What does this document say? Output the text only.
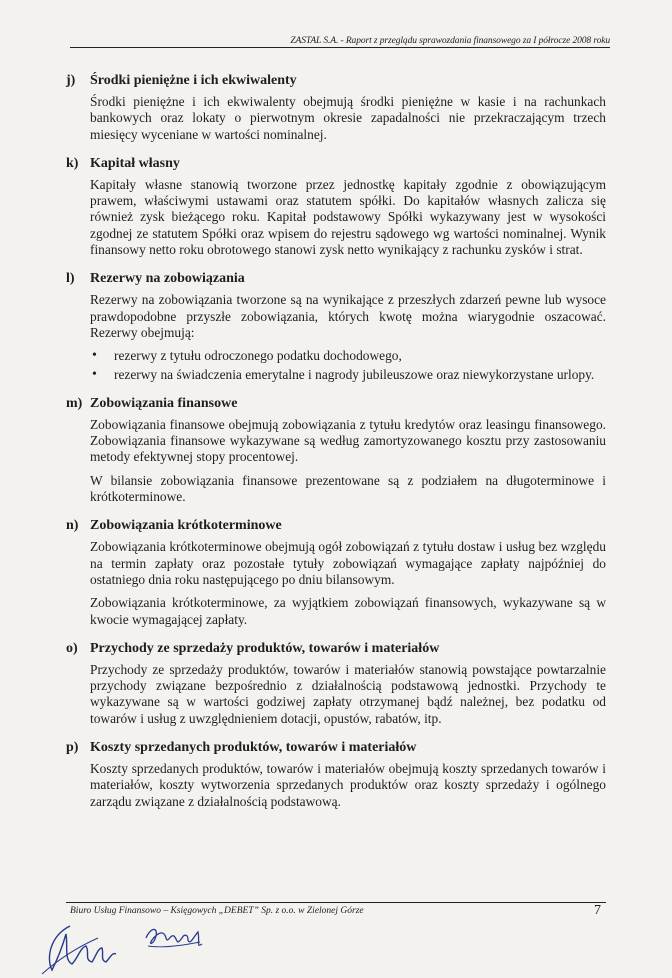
ZASTAL S.A. - Raport z przeglądu sprawozdania finansowego za I półrocze 2008 roku
j)	Środki pieniężne i ich ekwiwalenty

Środki pieniężne i ich ekwiwalenty obejmują środki pieniężne w kasie i na rachunkach bankowych oraz lokaty o pierwotnym okresie zapadalności nie przekraczającym trzech miesięcy wyceniane w wartości nominalnej.

k) Kapitał własny

Kapitały własne stanowią tworzone przez jednostkę kapitały zgodnie z obowiązującym prawem, właściwymi ustawami oraz statutem spółki. Do kapitałów własnych zalicza się również zysk bieżącego roku. Kapitał podstawowy Spółki wykazywany jest w wysokości zgodnej ze statutem Spółki oraz wpisem do rejestru sądowego wg wartości nominalnej. Wynik finansowy netto roku obrotowego stanowi zysk netto wynikający z rachunku zysków i strat.

l)	Rezerwy na zobowiązania

Rezerwy na zobowiązania tworzone są na wynikające z przeszłych zdarzeń pewne lub wysoce prawdopodobne przyszłe zobowiązania, których kwotę można wiarygodnie oszacować. Rezerwy obejmują:

• rezerwy z tytułu odroczonego podatku dochodowego,
• rezerwy na świadczenia emerytalne i nagrody jubileuszowe oraz niewykorzystane urlopy.
m) Zobowiązania finansowe

Zobowiązania finansowe obejmują zobowiązania z tytułu kredytów oraz leasingu finansowego. Zobowiązania finansowe wykazywane są według zamortyzowanego kosztu przy zastosowaniu metody efektywnej stopy procentowej.

W bilansie zobowiązania finansowe prezentowane są z podziałem na długoterminowe i krótkoterminowe.

n) Zobowiązania krótkoterminowe

Zobowiązania krótkoterminowe obejmują ogół zobowiązań z tytułu dostaw i usług bez względu na termin zapłaty oraz pozostałe tytuły zobowiązań wymagające zapłaty najpóźniej do ostatniego dnia roku następującego po dniu bilansowym.

Zobowiązania krótkoterminowe, za wyjątkiem zobowiązań finansowych, wykazywane są w kwocie wymagającej zapłaty.

o) Przychody ze sprzedaży produktów, towarów i materiałów

Przychody ze sprzedaży produktów, towarów i materiałów stanowią powstające powtarzalnie przychody związane bezpośrednio z działalnością podstawową jednostki. Przychody te wykazywane są w wartości godziwej zapłaty otrzymanej bądź należnej, bez podatku od towarów i usług z uwzględnieniem dotacji, opustów, rabatów, itp.

p) Koszty sprzedanych produktów, towarów i materiałów

Koszty sprzedanych produktów, towarów i materiałów obejmują koszty sprzedanych towarów i materiałów, koszty wytworzenia sprzedanych produktów oraz koszty sprzedaży i ogólnego zarządu związane z działalnością podstawową.

Biuro Usług Finansowo – Księgowych „DEBET” Sp. z o.o. w Zielonej Górze	7
